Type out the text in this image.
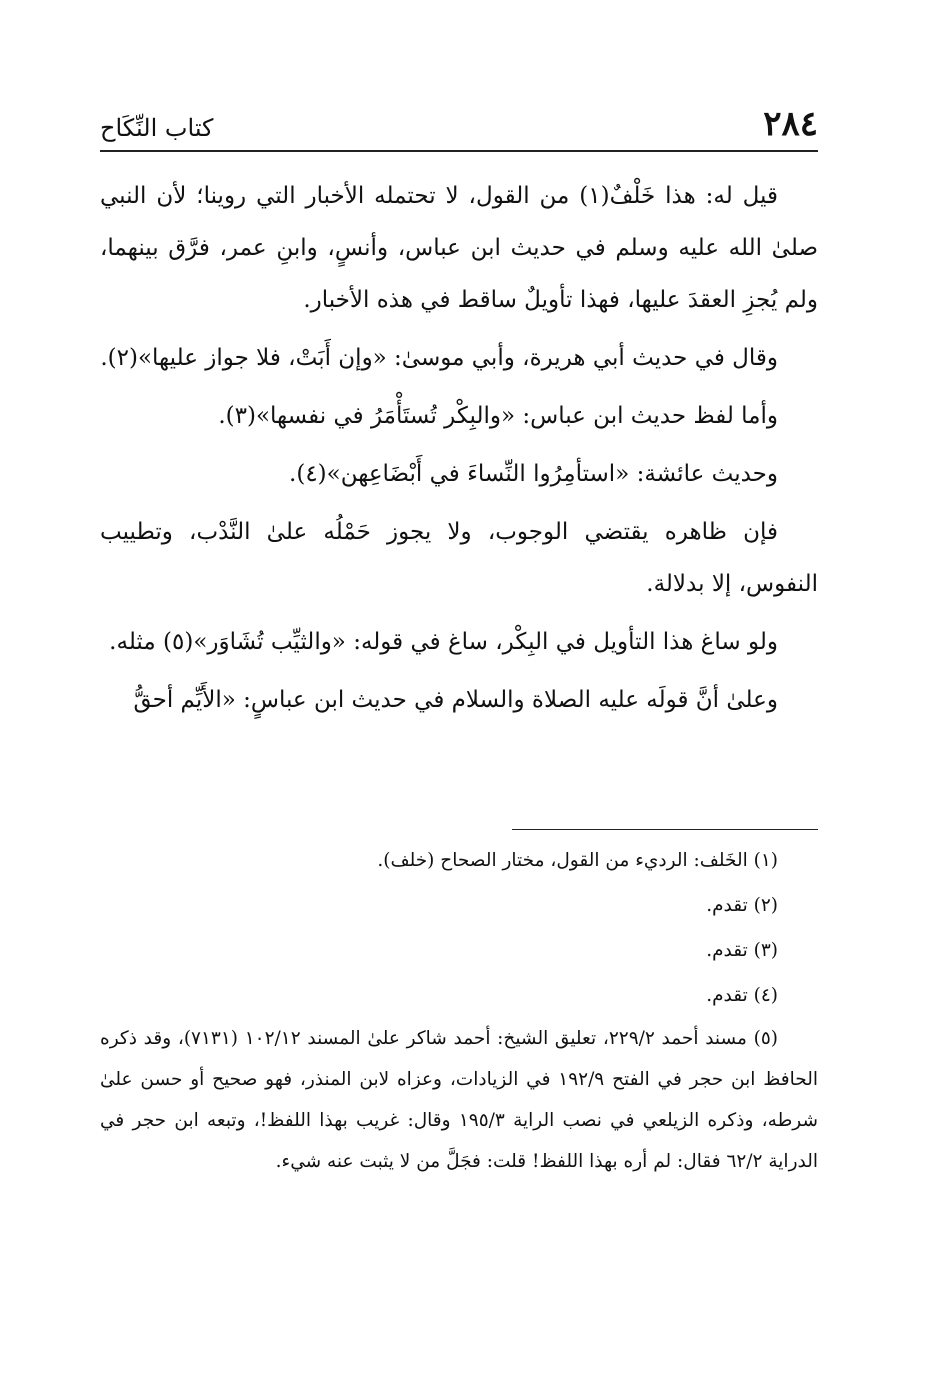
٢٨٤
كتاب النِّكَاح

قيل له: هذا خَلْفٌ(١) من القول، لا تحتمله الأخبار التي روينا؛ لأن النبي صلىٰ الله عليه وسلم في حديث ابن عباس، وأنسٍ، وابنِ عمر، فرَّق بينهما، ولم يُجزِ العقدَ عليها، فهذا تأويلٌ ساقط في هذه الأخبار.

وقال في حديث أبي هريرة، وأبي موسىٰ: «وإن أَبَتْ، فلا جواز عليها»(٢).

وأما لفظ حديث ابن عباس: «والبِكْر تُستَأْمَرُ في نفسها»(٣).

وحديث عائشة: «استأمِرُوا النِّساءَ في أَبْضَاعِهن»(٤).

فإن ظاهره يقتضي الوجوب، ولا يجوز حَمْلُه علىٰ النَّدْب، وتطييب النفوس، إلا بدلالة.

ولو ساغ هذا التأويل في البِكْر، ساغ في قوله: «والثيِّب تُشَاوَر»(٥) مثله.

وعلىٰ أنَّ قولَه عليه الصلاة والسلام في حديث ابن عباسٍ: «الأَيِّم أحقُّ

(١) الخَلف: الرديء من القول، مختار الصحاح (خلف).

(٢) تقدم.

(٣) تقدم.

(٤) تقدم.

(٥) مسند أحمد ٢٢٩/٢، تعليق الشيخ: أحمد شاكر علىٰ المسند ١٠٢/١٢ (٧١٣١)، وقد ذكره الحافظ ابن حجر في الفتح ١٩٢/٩ في الزيادات، وعزاه لابن المنذر، فهو صحيح أو حسن علىٰ شرطه، وذكره الزيلعي في نصب الراية ١٩٥/٣ وقال: غريب بهذا اللفظ!، وتبعه ابن حجر في الدراية ٦٢/٢ فقال: لم أره بهذا اللفظ! قلت: فجَلَّ من لا يثبت عنه شيء.
